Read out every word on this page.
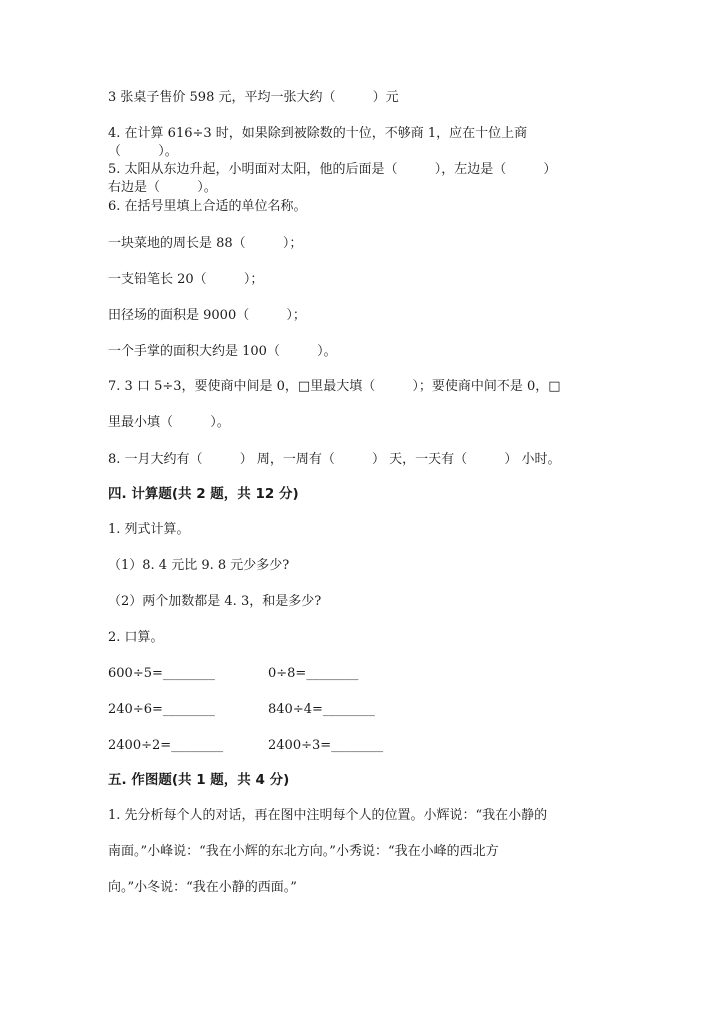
3 张桌子售价 598 元，平均一张大约（         ）元
4. 在计算 616÷3 时，如果除到被除数的十位，不够商 1，应在十位上商
（         ）。
5. 太阳从东边升起，小明面对太阳，他的后面是（         ），左边是（         ）
右边是（         ）。
6. 在括号里填上合适的单位名称。
一块菜地的周长是 88（         ）；
一支铅笔长 20（         ）；
田径场的面积是 9000（         ）；
一个手掌的面积大约是 100（         ）。
7. 3 口 5÷3，要使商中间是 0，□里最大填（         ）；要使商中间不是 0，□
里最小填（         ）。
8. 一月大约有（         ） 周，一周有（         ） 天，一天有（         ） 小时。
四. 计算题(共 2 题，共 12 分)
1. 列式计算。
（1）8. 4 元比 9. 8 元少多少?
（2）两个加数都是 4. 3，和是多少?
2. 口算。
600÷5=________	0÷8=________
240÷6=________	840÷4=________
2400÷2=________	2400÷3=________
五. 作图题(共 1 题，共 4 分)
1. 先分析每个人的对话，再在图中注明每个人的位置。小辉说：“我在小静的
南面。”小峰说：“我在小辉的东北方向。”小秀说：“我在小峰的西北方
向。”小冬说：“我在小静的西面。”
